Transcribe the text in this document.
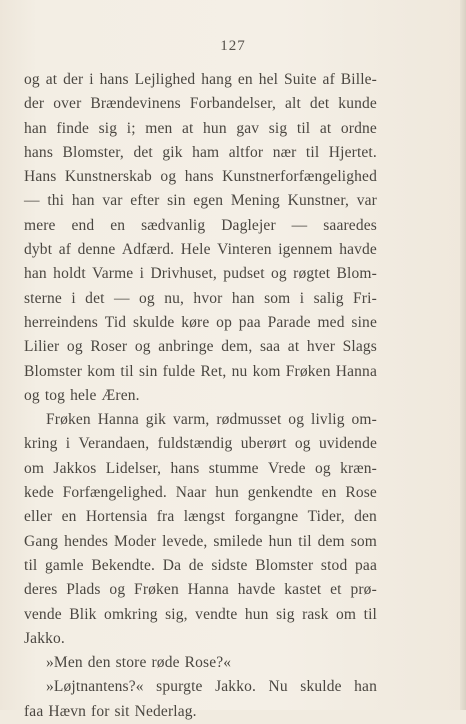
127
og at der i hans Lejlighed hang en hel Suite af Bille-
der over Brændevinens Forbandelser, alt det kunde
han finde sig i; men at hun gav sig til at ordne
hans Blomster, det gik ham altfor nær til Hjertet.
Hans Kunstnerskab og hans Kunstnerforfængelighed
— thi han var efter sin egen Mening Kunstner, var
mere end en sædvanlig Daglejer — saaredes
dybt af denne Adfærd. Hele Vinteren igennem havde
han holdt Varme i Drivhuset, pudset og røgtet Blom-
sterne i det — og nu, hvor han som i salig Fri-
herreindens Tid skulde køre op paa Parade med sine
Lilier og Roser og anbringe dem, saa at hver Slags
Blomster kom til sin fulde Ret, nu kom Frøken Hanna
og tog hele Æren.
Frøken Hanna gik varm, rødmusset og livlig om-
kring i Verandaen, fuldstændig uberørt og uvidende
om Jakkos Lidelser, hans stumme Vrede og kræn-
kede Forfængelighed. Naar hun genkendte en Rose
eller en Hortensia fra længst forgangne Tider, den
Gang hendes Moder levede, smilede hun til dem som
til gamle Bekendte. Da de sidste Blomster stod paa
deres Plads og Frøken Hanna havde kastet et prø-
vende Blik omkring sig, vendte hun sig rask om til
Jakko.
»Men den store røde Rose?«
»Løjtnantens?« spurgte Jakko. Nu skulde han
faa Hævn for sit Nederlag.
